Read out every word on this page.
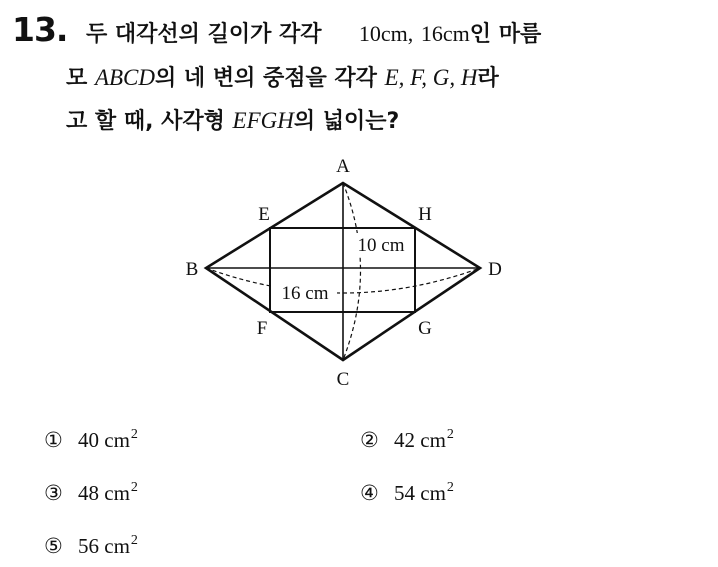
13. 두 대각선의 길이가 각각 10cm, 16cm인 마름
모 ABCD의 네 변의 중점을 각각 E, F, G, H라
고 할 때, 사각형 EFGH의 넓이는?
A
B
C
D
E
F	G
H
10 cm
16 cm
① 40 $cm^2$	② 42 $cm^2$
③ 48 $cm^2$	④ 54 $cm^2$
⑤ 56 $cm^2$
